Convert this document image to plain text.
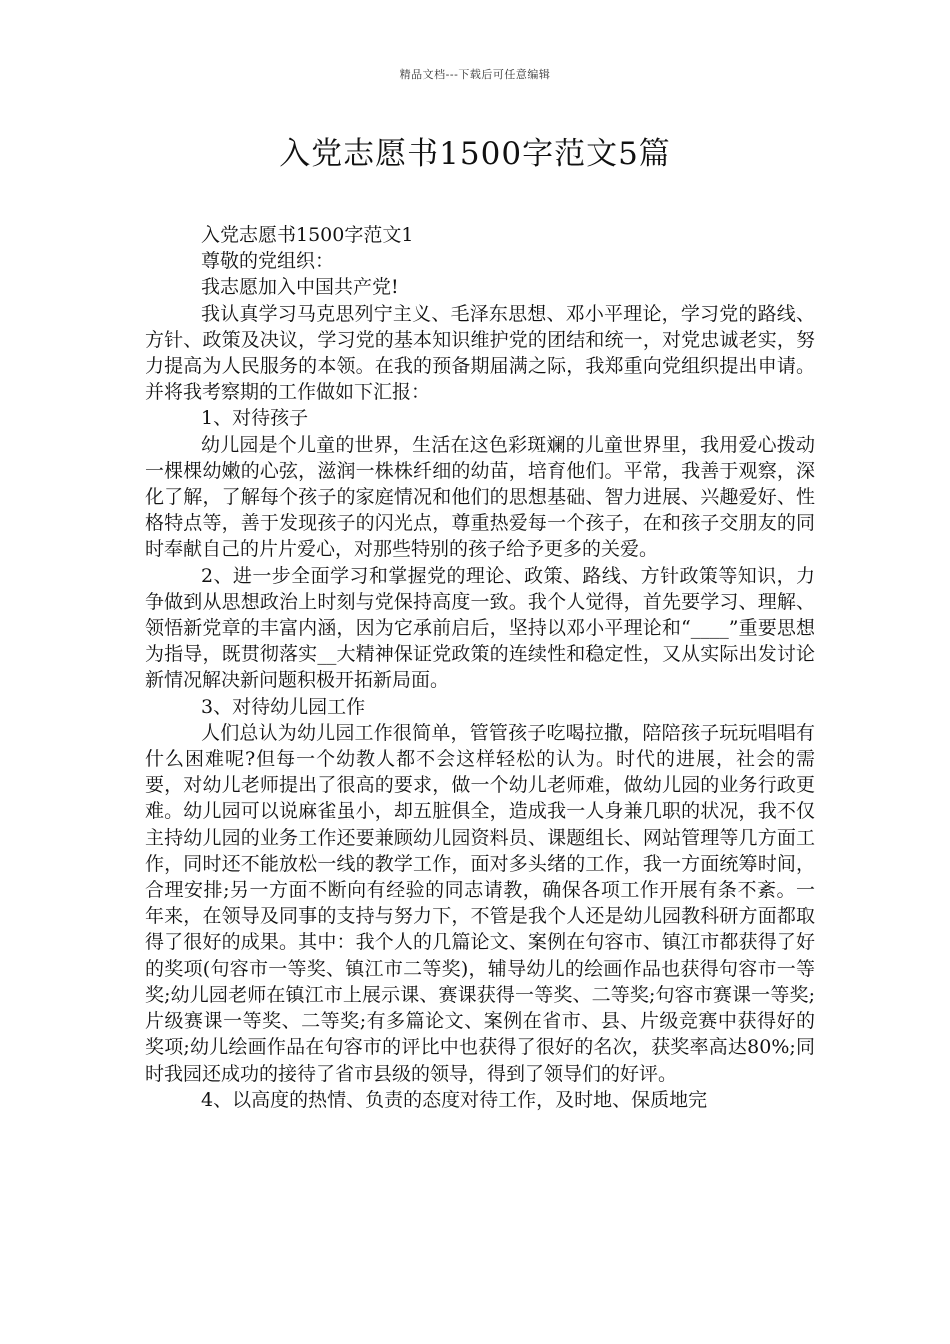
精品文档---下载后可任意编辑
入党志愿书1500字范文5篇

入党志愿书1500字范文1

尊敬的党组织：

我志愿加入中国共产党!

我认真学习马克思列宁主义、毛泽东思想、邓小平理论，学习党的路线、方针、政策及决议，学习党的基本知识维护党的团结和统一，对党忠诚老实，努力提高为人民服务的本领。在我的预备期届满之际，我郑重向党组织提出申请。并将我考察期的工作做如下汇报：

1、对待孩子

幼儿园是个儿童的世界，生活在这色彩斑斓的儿童世界里，我用爱心拨动一棵棵幼嫩的心弦，滋润一株株纤细的幼苗，培育他们。平常，我善于观察，深化了解，了解每个孩子的家庭情况和他们的思想基础、智力进展、兴趣爱好、性格特点等，善于发现孩子的闪光点，尊重热爱每一个孩子，在和孩子交朋友的同时奉献自己的片片爱心，对那些特别的孩子给予更多的关爱。

2、进一步全面学习和掌握党的理论、政策、路线、方针政策等知识，力争做到从思想政治上时刻与党保持高度一致。我个人觉得，首先要学习、理解、领悟新党章的丰富内涵，因为它承前启后，坚持以邓小平理论和“____”重要思想为指导，既贯彻落实__大精神保证党政策的连续性和稳定性，又从实际出发讨论新情况解决新问题积极开拓新局面。

3、对待幼儿园工作

人们总认为幼儿园工作很简单，管管孩子吃喝拉撒，陪陪孩子玩玩唱唱有什么困难呢?但每一个幼教人都不会这样轻松的认为。时代的进展，社会的需要，对幼儿老师提出了很高的要求，做一个幼儿老师难，做幼儿园的业务行政更难。幼儿园可以说麻雀虽小，却五脏俱全，造成我一人身兼几职的状况，我不仅主持幼儿园的业务工作还要兼顾幼儿园资料员、课题组长、网站管理等几方面工作，同时还不能放松一线的教学工作，面对多头绪的工作，我一方面统筹时间，合理安排;另一方面不断向有经验的同志请教，确保各项工作开展有条不紊。一年来，在领导及同事的支持与努力下，不管是我个人还是幼儿园教科研方面都取得了很好的成果。其中：我个人的几篇论文、案例在句容市、镇江市都获得了好的奖项(句容市一等奖、镇江市二等奖)，辅导幼儿的绘画作品也获得句容市一等奖;幼儿园老师在镇江市上展示课、赛课获得一等奖、二等奖;句容市赛课一等奖;片级赛课一等奖、二等奖;有多篇论文、案例在省市、县、片级竞赛中获得好的奖项;幼儿绘画作品在句容市的评比中也获得了很好的名次，获奖率高达80%;同时我园还成功的接待了省市县级的领导，得到了领导们的好评。

4、以高度的热情、负责的态度对待工作，及时地、保质地完
